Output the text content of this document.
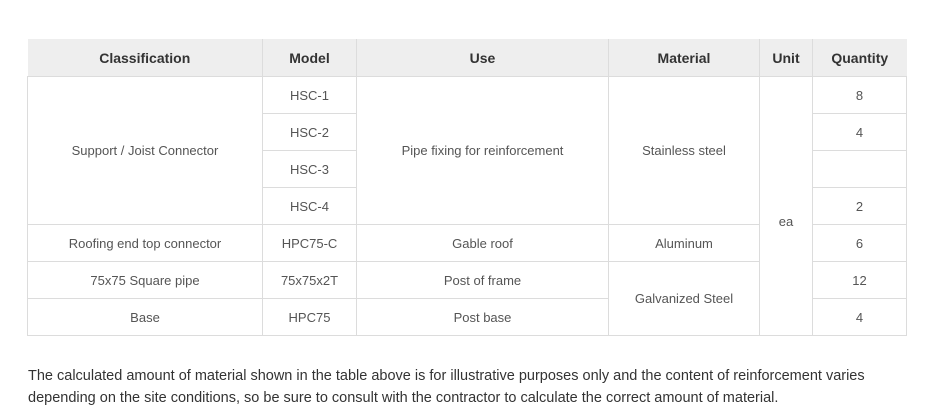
Classification	Model	Use	Material	Unit	Quantity
Support / Joist Connector	HSC-1	Pipe fixing for reinforcement	Stainless steel	ea	8
	HSC-2				4
	HSC-3				
	HSC-4				2
Roofing end top connector	HPC75-C	Gable roof	Aluminum		6
75x75 Square pipe	75x75x2T	Post of frame	Galvanized Steel		12
Base	HPC75	Post base			4

The calculated amount of material shown in the table above is for illustrative purposes only and the content of reinforcement varies depending on the site conditions, so be sure to consult with the contractor to calculate the correct amount of material.
